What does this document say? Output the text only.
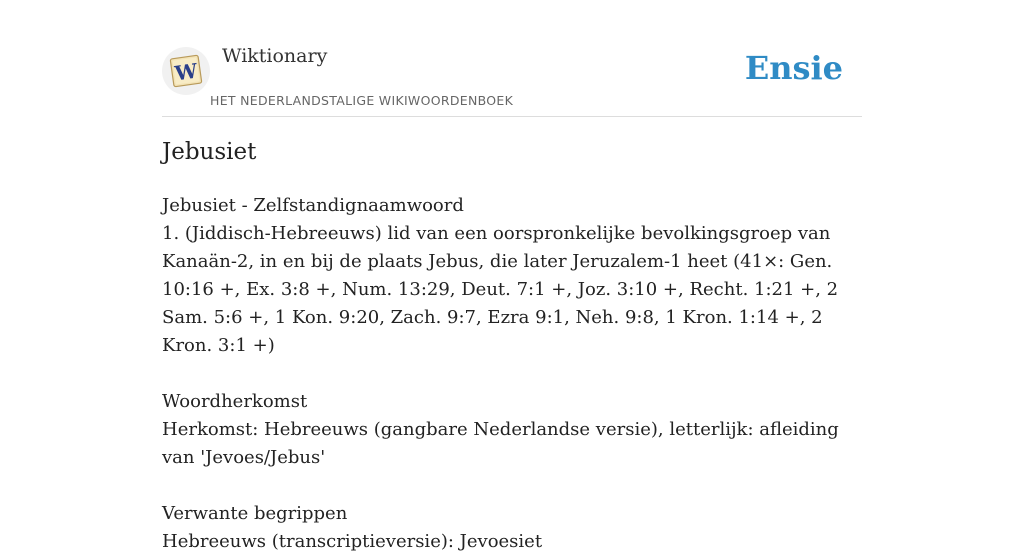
W
Wiktionary
HET NEDERLANDSTALIGE WIKIWOORDENBOEK
Ensie
Jebusiet

Jebusiet - Zelfstandignaamwoord

1. (Jiddisch-Hebreeuws) lid van een oorspronkelijke bevolkingsgroep van Kanaän-2, in en bij de plaats Jebus, die later Jeruzalem-1 heet (41×: Gen. 10:16 +, Ex. 3:8 +, Num. 13:29, Deut. 7:1 +, Joz. 3:10 +, Recht. 1:21 +, 2 Sam. 5:6 +, 1 Kon. 9:20, Zach. 9:7, Ezra 9:1, Neh. 9:8, 1 Kron. 1:14 +, 2 Kron. 3:1 +)

Woordherkomst

Herkomst: Hebreeuws (gangbare Nederlandse versie), letterlijk: afleiding van 'Jevoes/Jebus'

Verwante begrippen

Hebreeuws (transcriptieversie): Jevoesiet
